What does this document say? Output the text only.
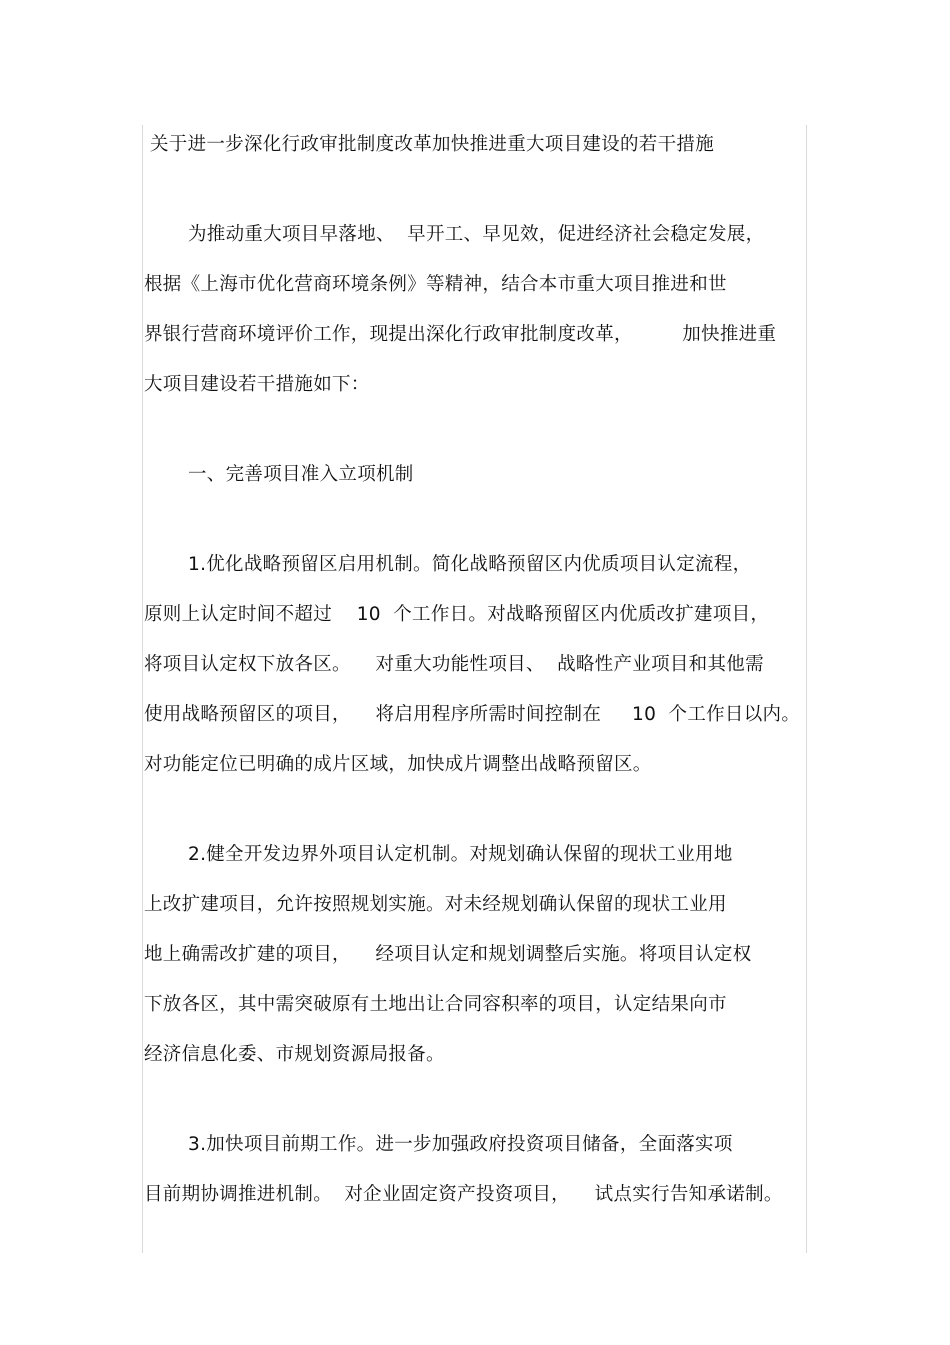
关于进一步深化行政审批制度改革加快推进重大项目建设的若干措施
为推动重大项目早落地、  早开工、早见效，促进经济社会稳定发展，
根据《上海市优化营商环境条例》等精神，结合本市重大项目推进和世
界银行营商环境评价工作，现提出深化行政审批制度改革，        加快推进重
大项目建设若干措施如下：
一、完善项目准入立项机制
1.优化战略预留区启用机制。简化战略预留区内优质项目认定流程，
原则上认定时间不超过    10  个工作日。对战略预留区内优质改扩建项目，
将项目认定权下放各区。    对重大功能性项目、  战略性产业项目和其他需
使用战略预留区的项目，    将启用程序所需时间控制在     10  个工作日以内。
对功能定位已明确的成片区域，加快成片调整出战略预留区。
2.健全开发边界外项目认定机制。对规划确认保留的现状工业用地
上改扩建项目，允许按照规划实施。对未经规划确认保留的现状工业用
地上确需改扩建的项目，    经项目认定和规划调整后实施。将项目认定权
下放各区，其中需突破原有土地出让合同容积率的项目，认定结果向市
经济信息化委、市规划资源局报备。
3.加快项目前期工作。进一步加强政府投资项目储备，全面落实项
目前期协调推进机制。  对企业固定资产投资项目，    试点实行告知承诺制。
